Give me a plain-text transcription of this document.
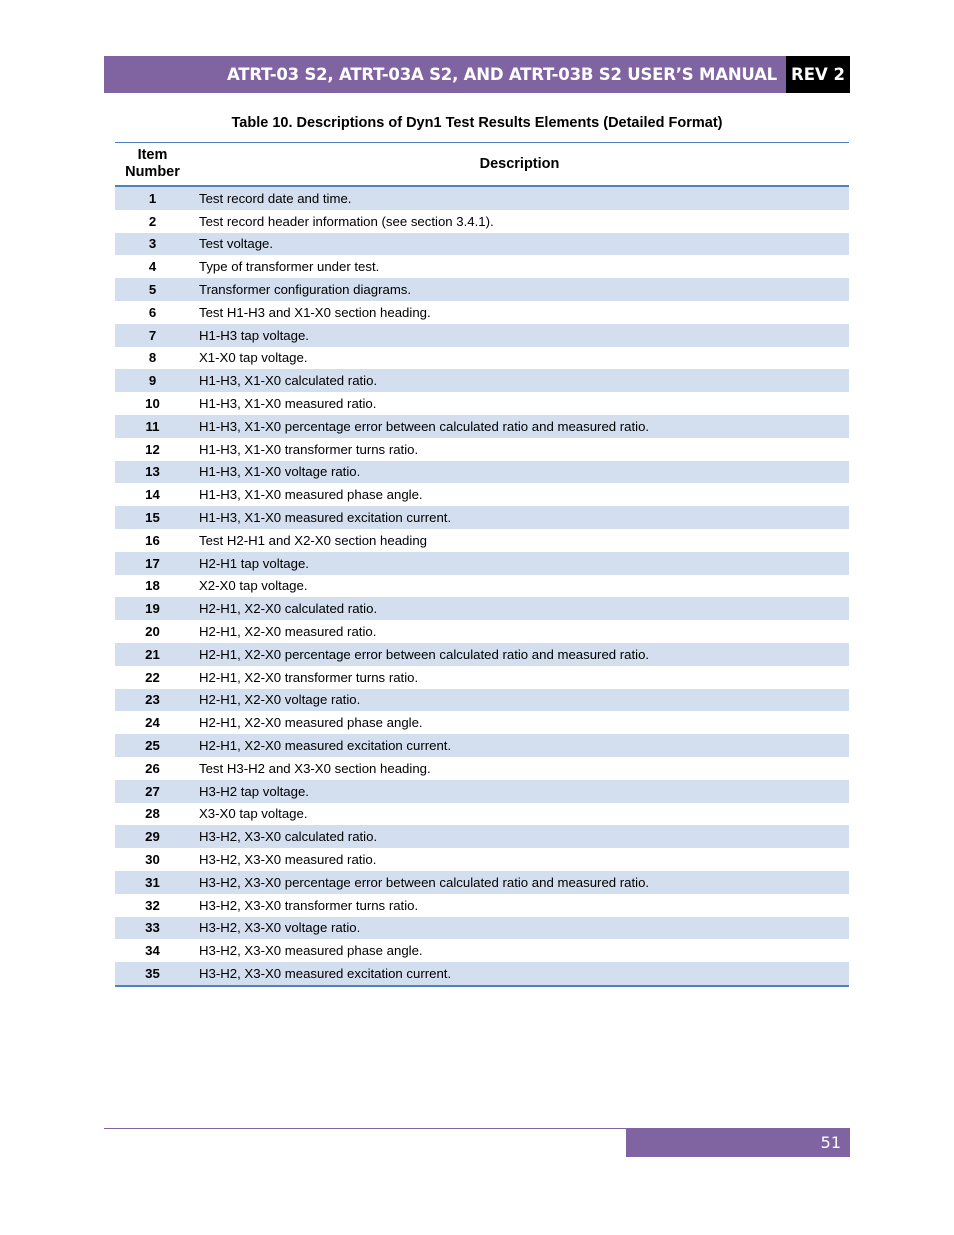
ATRT-03 S2, ATRT-03A S2, AND ATRT-03B S2 USER’S MANUAL REV 2
Table 10. Descriptions of Dyn1 Test Results Elements (Detailed Format)
Item
Number	Description
1	Test record date and time.
2	Test record header information (see section 3.4.1).
3	Test voltage.
4	Type of transformer under test.
5	Transformer configuration diagrams.
6	Test H1-H3 and X1-X0 section heading.
7	H1-H3 tap voltage.
8	X1-X0 tap voltage.
9	H1-H3, X1-X0 calculated ratio.
10	H1-H3, X1-X0 measured ratio.
11	H1-H3, X1-X0 percentage error between calculated ratio and measured ratio.
12	H1-H3, X1-X0 transformer turns ratio.
13	H1-H3, X1-X0 voltage ratio.
14	H1-H3, X1-X0 measured phase angle.
15	H1-H3, X1-X0 measured excitation current.
16	Test H2-H1 and X2-X0 section heading
17	H2-H1 tap voltage.
18	X2-X0 tap voltage.
19	H2-H1, X2-X0 calculated ratio.
20	H2-H1, X2-X0 measured ratio.
21	H2-H1, X2-X0 percentage error between calculated ratio and measured ratio.
22	H2-H1, X2-X0 transformer turns ratio.
23	H2-H1, X2-X0 voltage ratio.
24	H2-H1, X2-X0 measured phase angle.
25	H2-H1, X2-X0 measured excitation current.
26	Test H3-H2 and X3-X0 section heading.
27	H3-H2 tap voltage.
28	X3-X0 tap voltage.
29	H3-H2, X3-X0 calculated ratio.
30	H3-H2, X3-X0 measured ratio.
31	H3-H2, X3-X0 percentage error between calculated ratio and measured ratio.
32	H3-H2, X3-X0 transformer turns ratio.
33	H3-H2, X3-X0 voltage ratio.
34	H3-H2, X3-X0 measured phase angle.
35	H3-H2, X3-X0 measured excitation current.
51
